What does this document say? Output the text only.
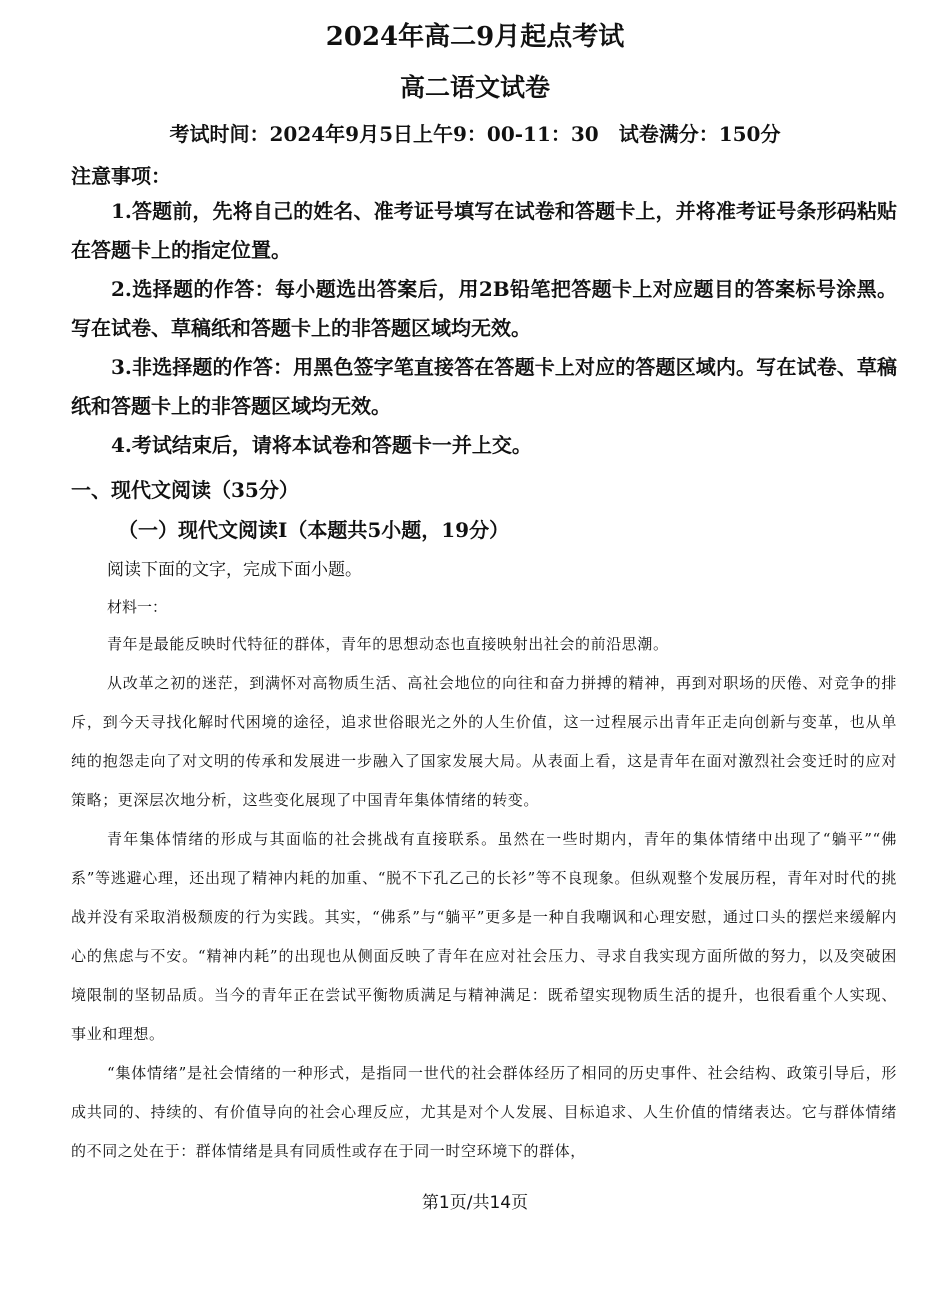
2024年高二9月起点考试
高二语文试卷
考试时间：2024年9月5日上午9：00-11：30　试卷满分：150分
注意事项：

1.答题前，先将自己的姓名、准考证号填写在试卷和答题卡上，并将准考证号条形码粘贴在答题卡上的指定位置。

2.选择题的作答：每小题选出答案后，用2B铅笔把答题卡上对应题目的答案标号涂黑。写在试卷、草稿纸和答题卡上的非答题区域均无效。

3.非选择题的作答：用黑色签字笔直接答在答题卡上对应的答题区域内。写在试卷、草稿纸和答题卡上的非答题区域均无效。

4.考试结束后，请将本试卷和答题卡一并上交。

一、现代文阅读（35分）
（一）现代文阅读Ⅰ（本题共5小题，19分）
阅读下面的文字，完成下面小题。
材料一：

青年是最能反映时代特征的群体，青年的思想动态也直接映射出社会的前沿思潮。

从改革之初的迷茫，到满怀对高物质生活、高社会地位的向往和奋力拼搏的精神，再到对职场的厌倦、对竞争的排斥，到今天寻找化解时代困境的途径，追求世俗眼光之外的人生价值，这一过程展示出青年正走向创新与变革，也从单纯的抱怨走向了对文明的传承和发展进一步融入了国家发展大局。从表面上看，这是青年在面对激烈社会变迁时的应对策略；更深层次地分析，这些变化展现了中国青年集体情绪的转变。

青年集体情绪的形成与其面临的社会挑战有直接联系。虽然在一些时期内，青年的集体情绪中出现了“躺平”“佛系”等逃避心理，还出现了精神内耗的加重、“脱不下孔乙己的长衫”等不良现象。但纵观整个发展历程，青年对时代的挑战并没有采取消极颓废的行为实践。其实，“佛系”与“躺平”更多是一种自我嘲讽和心理安慰，通过口头的摆烂来缓解内心的焦虑与不安。“精神内耗”的出现也从侧面反映了青年在应对社会压力、寻求自我实现方面所做的努力，以及突破困境限制的坚韧品质。当今的青年正在尝试平衡物质满足与精神满足：既希望实现物质生活的提升，也很看重个人实现、事业和理想。

“集体情绪”是社会情绪的一种形式，是指同一世代的社会群体经历了相同的历史事件、社会结构、政策引导后，形成共同的、持续的、有价值导向的社会心理反应，尤其是对个人发展、目标追求、人生价值的情绪表达。它与群体情绪的不同之处在于：群体情绪是具有同质性或存在于同一时空环境下的群体，

第1页/共14页
